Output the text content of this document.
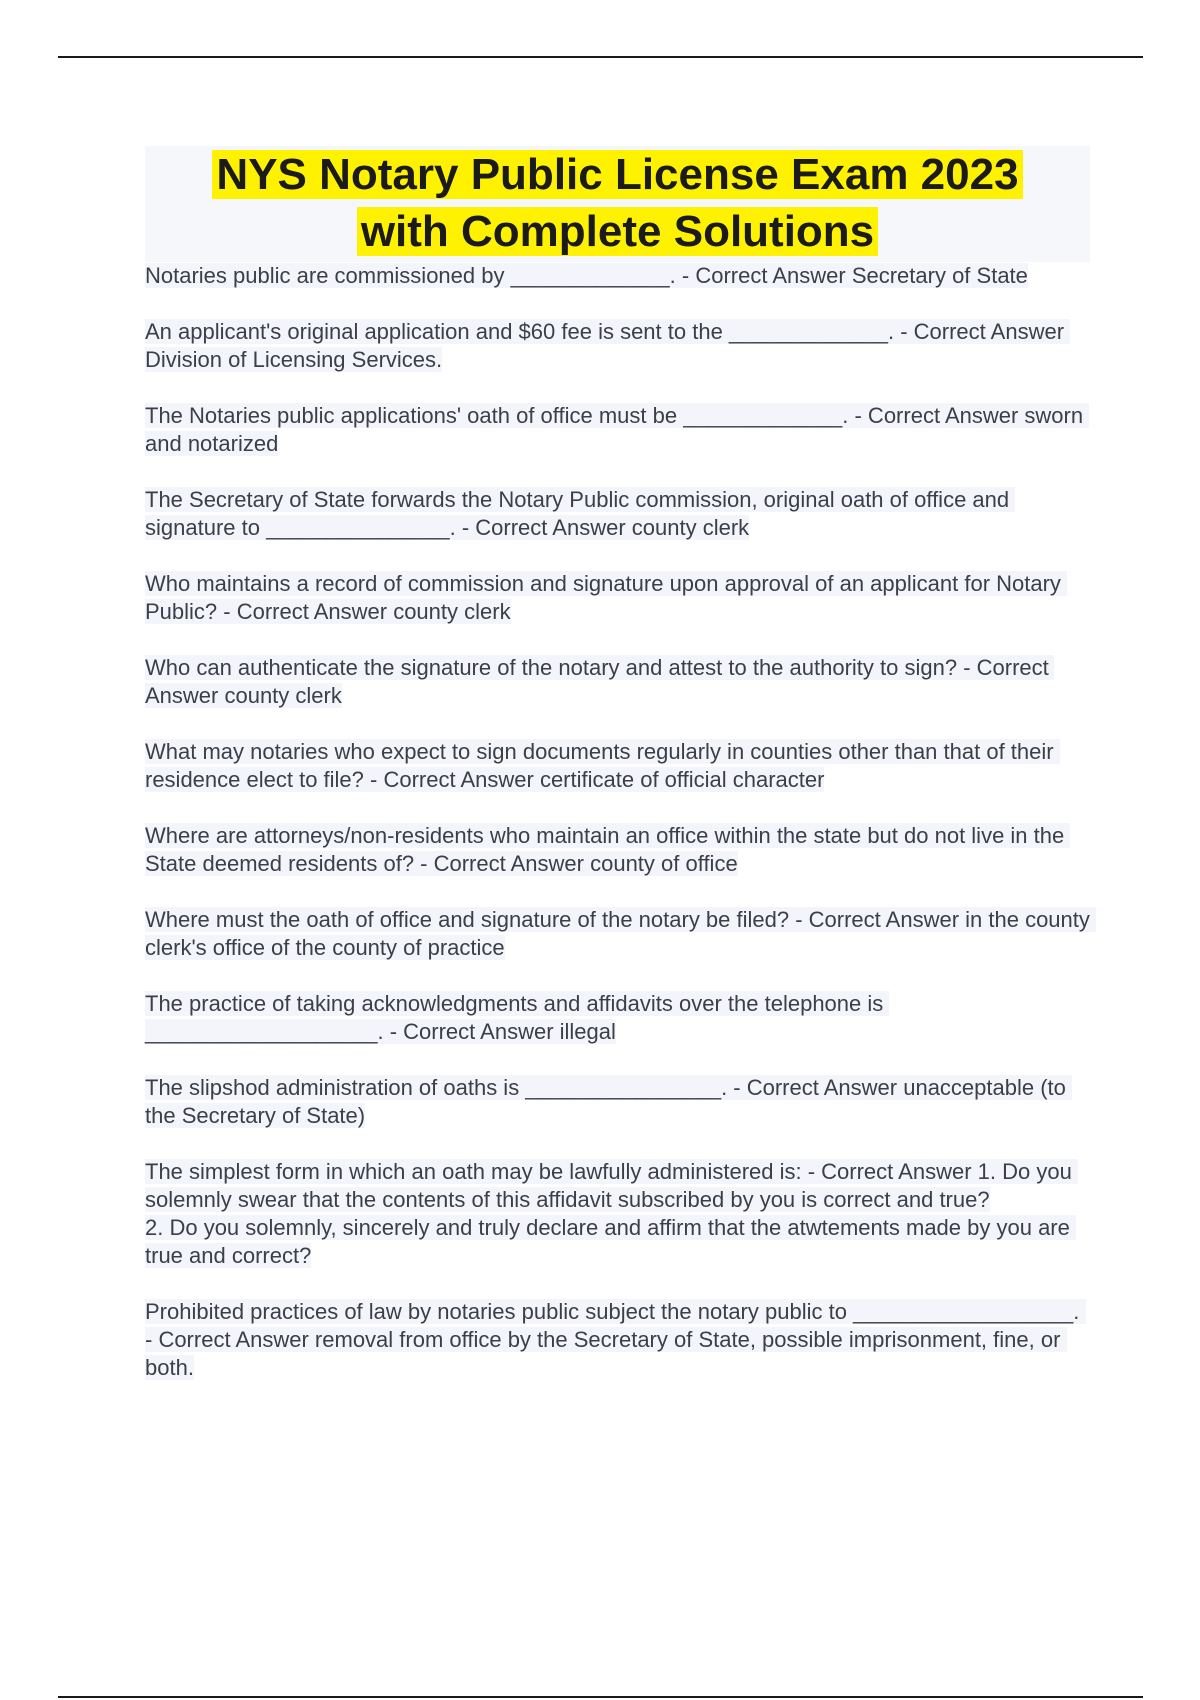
NYS Notary Public License Exam 2023
with Complete Solutions
Notaries public are commissioned by _____________. - Correct Answer Secretary of State
An applicant's original application and $60 fee is sent to the _____________. - Correct Answer Division of Licensing Services.
The Notaries public applications' oath of office must be _____________. - Correct Answer sworn and notarized
The Secretary of State forwards the Notary Public commission, original oath of office and signature to _______________. - Correct Answer county clerk
Who maintains a record of commission and signature upon approval of an applicant for Notary Public? - Correct Answer county clerk
Who can authenticate the signature of the notary and attest to the authority to sign? - Correct Answer county clerk
What may notaries who expect to sign documents regularly in counties other than that of their residence elect to file? - Correct Answer certificate of official character
Where are attorneys/non-residents who maintain an office within the state but do not live in the State deemed residents of? - Correct Answer county of office
Where must the oath of office and signature of the notary be filed? - Correct Answer in the county clerk's office of the county of practice
The practice of taking acknowledgments and affidavits over the telephone is ___________________. - Correct Answer illegal
The slipshod administration of oaths is ________________. - Correct Answer unacceptable (to the Secretary of State)
The simplest form in which an oath may be lawfully administered is: - Correct Answer 1. Do you solemnly swear that the contents of this affidavit subscribed by you is correct and true?
2. Do you solemnly, sincerely and truly declare and affirm that the atwtements made by you are true and correct?
Prohibited practices of law by notaries public subject the notary public to __________________. - Correct Answer removal from office by the Secretary of State, possible imprisonment, fine, or both.
